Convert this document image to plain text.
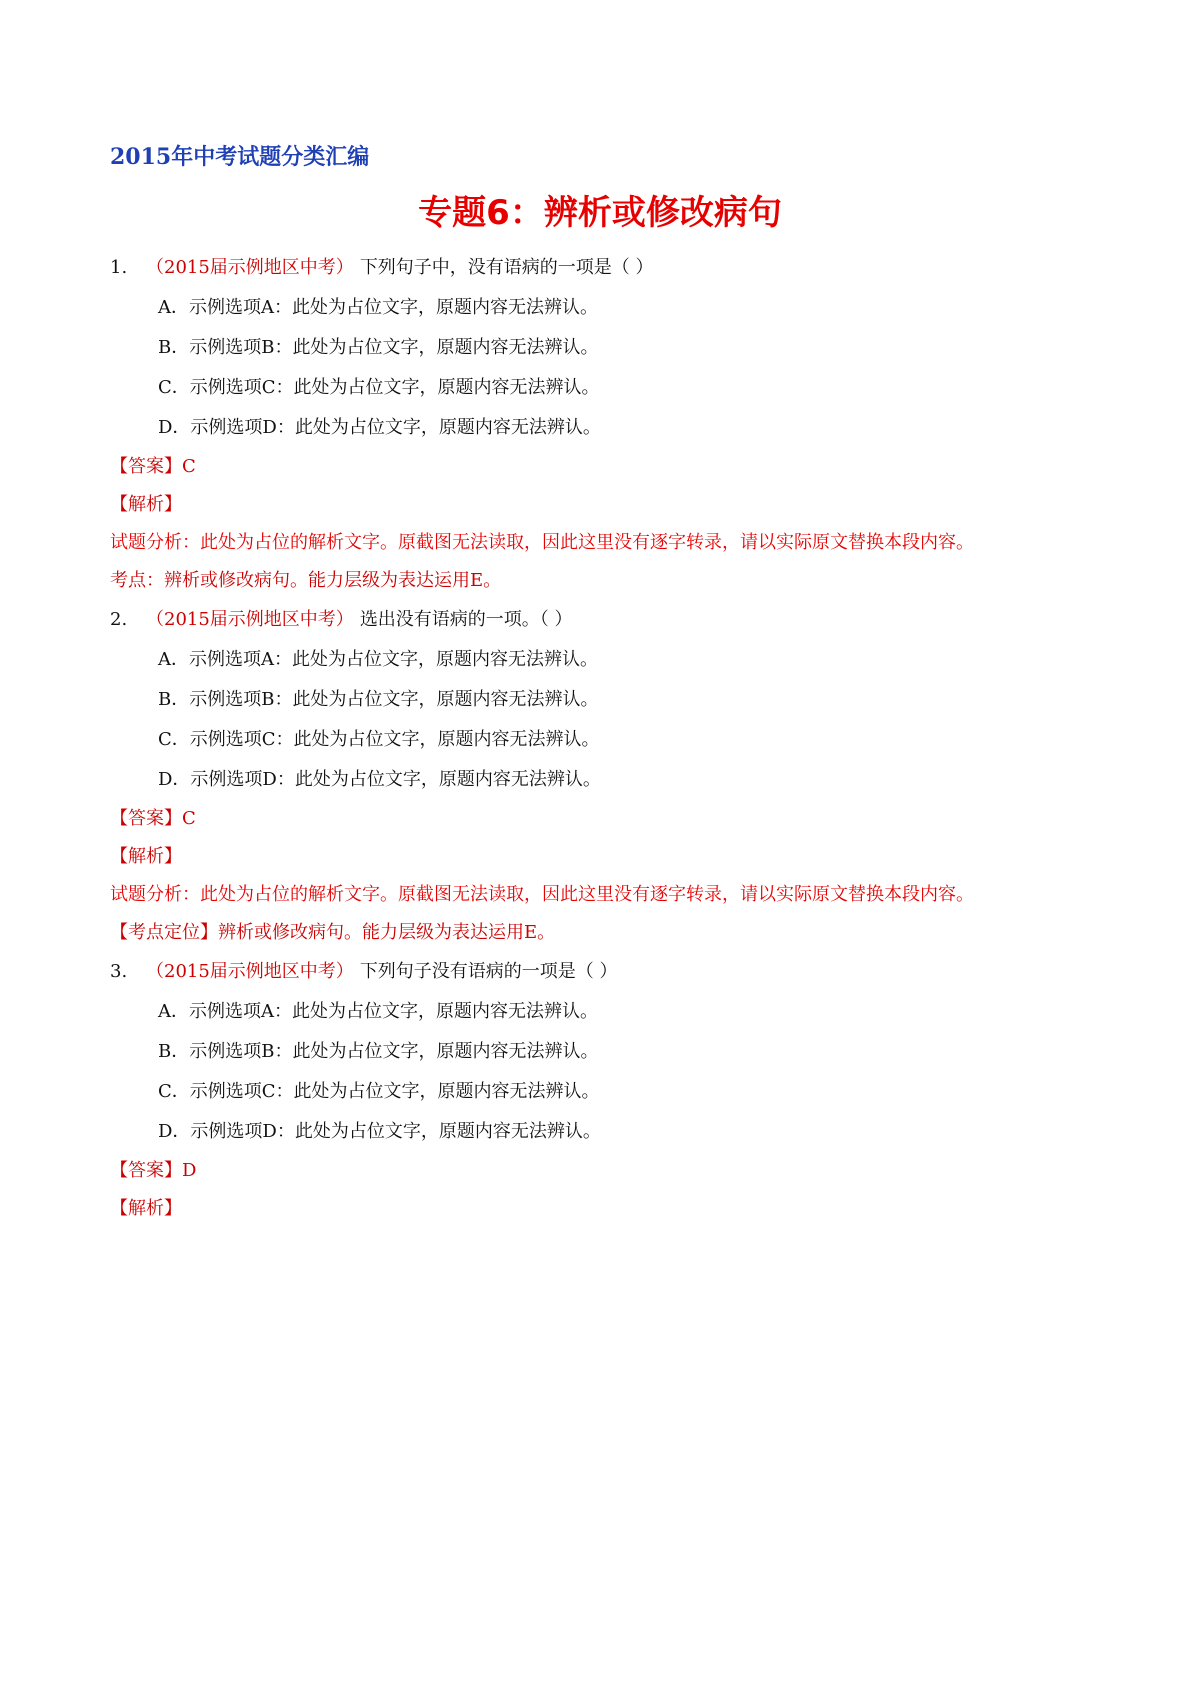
2015年中考试题分类汇编
专题6：辨析或修改病句
1. （2015届示例地区中考） 下列句子中，没有语病的一项是（ ）
A．示例选项A：此处为占位文字，原题内容无法辨认。
B．示例选项B：此处为占位文字，原题内容无法辨认。
C．示例选项C：此处为占位文字，原题内容无法辨认。
D．示例选项D：此处为占位文字，原题内容无法辨认。
【答案】C
【解析】
试题分析：此处为占位的解析文字。原截图无法读取，因此这里没有逐字转录，请以实际原文替换本段内容。
考点：辨析或修改病句。能力层级为表达运用E。
2. （2015届示例地区中考） 选出没有语病的一项。（ ）
A．示例选项A：此处为占位文字，原题内容无法辨认。
B．示例选项B：此处为占位文字，原题内容无法辨认。
C．示例选项C：此处为占位文字，原题内容无法辨认。
D．示例选项D：此处为占位文字，原题内容无法辨认。
【答案】C
【解析】
试题分析：此处为占位的解析文字。原截图无法读取，因此这里没有逐字转录，请以实际原文替换本段内容。
【考点定位】辨析或修改病句。能力层级为表达运用E。
3. （2015届示例地区中考） 下列句子没有语病的一项是（ ）
A．示例选项A：此处为占位文字，原题内容无法辨认。
B．示例选项B：此处为占位文字，原题内容无法辨认。
C．示例选项C：此处为占位文字，原题内容无法辨认。
D．示例选项D：此处为占位文字，原题内容无法辨认。
【答案】D
【解析】
